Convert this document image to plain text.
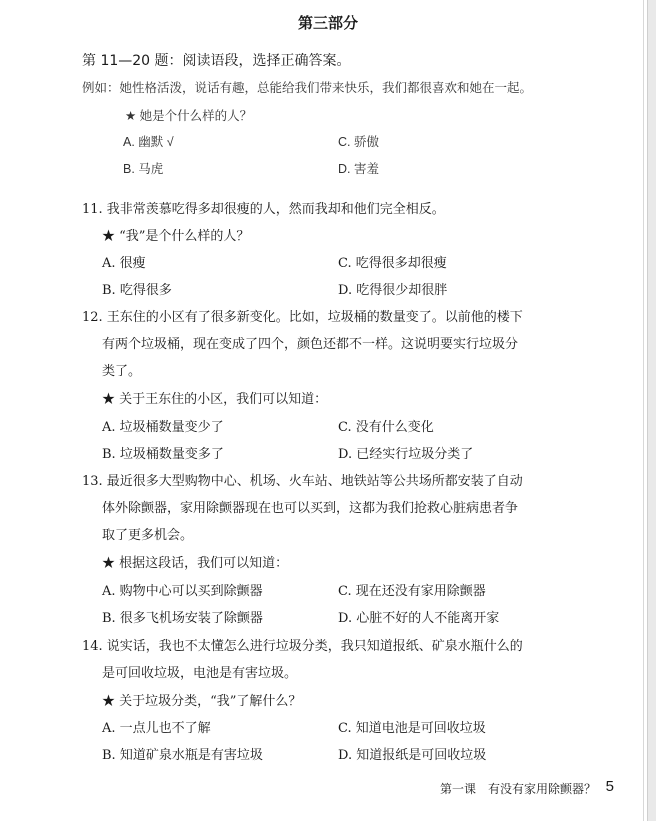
第三部分
第 11—20 题：阅读语段，选择正确答案。
例如：她性格活泼，说话有趣，总能给我们带来快乐，我们都很喜欢和她在一起。
★ 她是个什么样的人？
A. 幽默 √
B. 马虎
C. 骄傲
D. 害羞
11. 我非常羡慕吃得多却很瘦的人，然而我却和他们完全相反。
★ “我”是个什么样的人？
A. 很瘦
B. 吃得很多
C. 吃得很多却很瘦
D. 吃得很少却很胖
12. 王东住的小区有了很多新变化。比如，垃圾桶的数量变了。以前他的楼下
有两个垃圾桶，现在变成了四个，颜色还都不一样。这说明要实行垃圾分
类了。
★ 关于王东住的小区，我们可以知道：
A. 垃圾桶数量变少了
B. 垃圾桶数量变多了
C. 没有什么变化
D. 已经实行垃圾分类了
13. 最近很多大型购物中心、机场、火车站、地铁站等公共场所都安装了自动
体外除颤器，家用除颤器现在也可以买到，这都为我们抢救心脏病患者争
取了更多机会。
★ 根据这段话，我们可以知道：
A. 购物中心可以买到除颤器
B. 很多飞机场安装了除颤器
C. 现在还没有家用除颤器
D. 心脏不好的人不能离开家
14. 说实话，我也不太懂怎么进行垃圾分类，我只知道报纸、矿泉水瓶什么的
是可回收垃圾，电池是有害垃圾。
★ 关于垃圾分类，“我”了解什么？
A. 一点儿也不了解
B. 知道矿泉水瓶是有害垃圾
C. 知道电池是可回收垃圾
D. 知道报纸是可回收垃圾
第一课　有没有家用除颤器？ 5
